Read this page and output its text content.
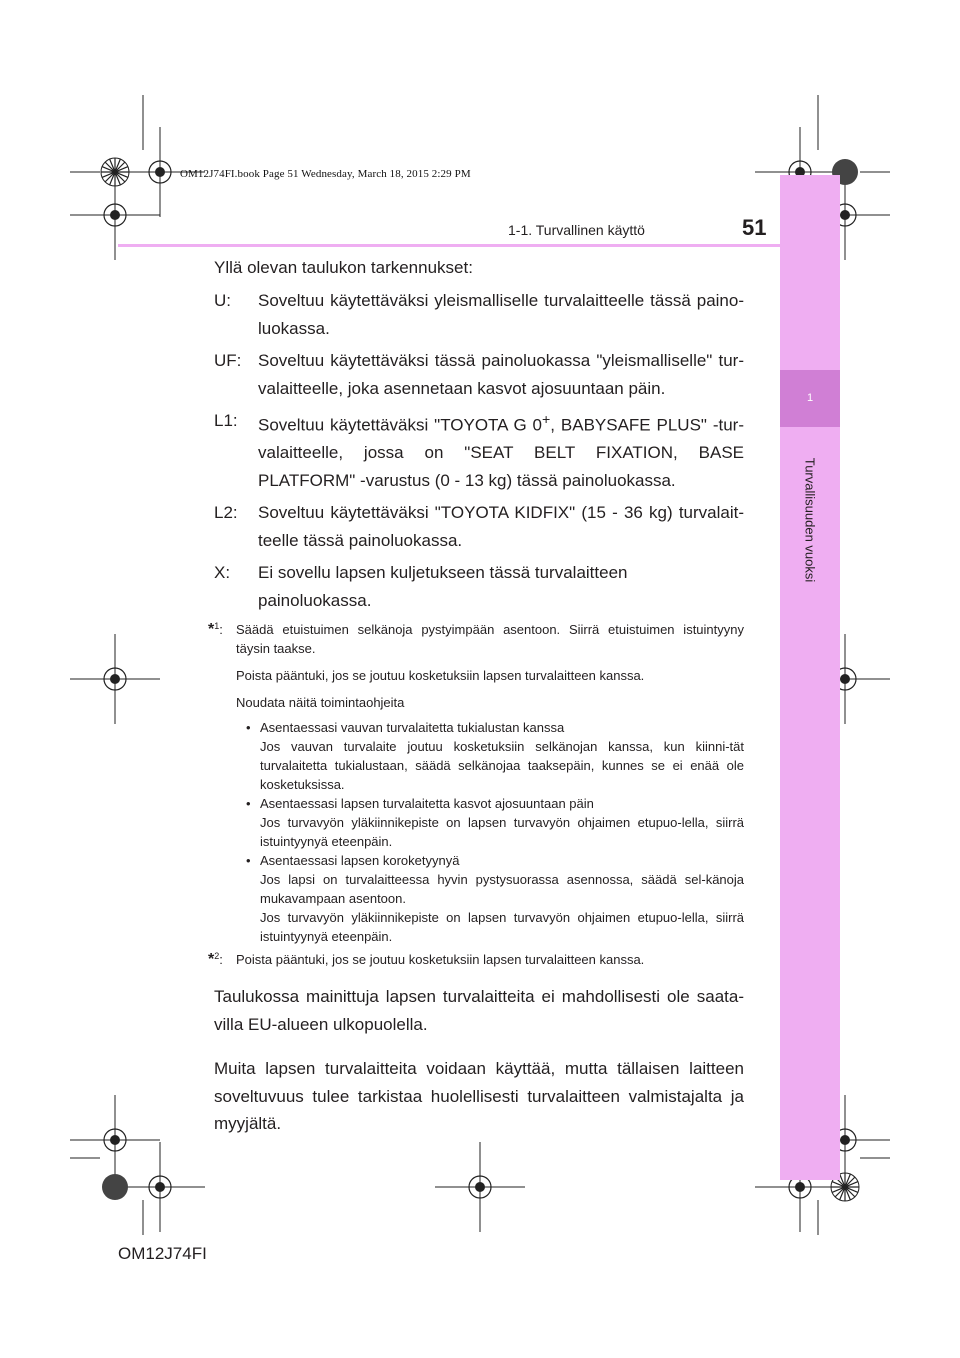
OM12J74FI.book Page 51 Wednesday, March 18, 2015 2:29 PM
1
Turvallisuuden vuoksi
1-1. Turvallinen käyttö	51

Yllä olevan taulukon tarkennukset:

U: Soveltuu käytettäväksi yleismalliselle turvalaitteelle tässä paino-luokassa.
UF: Soveltuu käytettäväksi tässä painoluokassa "yleismalliselle" tur-valaitteelle, joka asennetaan kasvot ajosuuntaan päin.
L1: Soveltuu käytettäväksi "TOYOTA G 0+, BABYSAFE PLUS" -tur-valaitteelle, jossa on "SEAT BELT FIXATION, BASE PLATFORM" -varustus (0 - 13 kg) tässä painoluokassa.
L2: Soveltuu käytettäväksi "TOYOTA KIDFIX" (15 - 36 kg) turvalait-teelle tässä painoluokassa.
X: Ei sovellu lapsen kuljetukseen tässä turvalaitteen painoluokassa.
*$^1$: Säädä etuistuimen selkänoja pystyimpään asentoon. Siirrä etuistuimen istuintyyny täysin taakse.
Poista pääntuki, jos se joutuu kosketuksiin lapsen turvalaitteen kanssa.
Noudata näitä toimintaohjeita
• Asentaessasi vauvan turvalaitetta tukialustan kanssa
Jos vauvan turvalaite joutuu kosketuksiin selkänojan kanssa, kun kiinni-tät turvalaitetta tukialustaan, säädä selkänojaa taaksepäin, kunnes se ei enää ole kosketuksissa.
• Asentaessasi lapsen turvalaitetta kasvot ajosuuntaan päin
Jos turvavyön yläkiinnikepiste on lapsen turvavyön ohjaimen etupuo-lella, siirrä istuintyynyä eteenpäin.
• Asentaessasi lapsen koroketyynyä
Jos lapsi on turvalaitteessa hyvin pystysuorassa asennossa, säädä sel-känoja mukavampaan asentoon.
Jos turvavyön yläkiinnikepiste on lapsen turvavyön ohjaimen etupuo-lella, siirrä istuintyynyä eteenpäin.
*$^2$: Poista pääntuki, jos se joutuu kosketuksiin lapsen turvalaitteen kanssa.

Taulukossa mainittuja lapsen turvalaitteita ei mahdollisesti ole saata-villa EU-alueen ulkopuolella.

Muita lapsen turvalaitteita voidaan käyttää, mutta tällaisen laitteen soveltuvuus tulee tarkistaa huolellisesti turvalaitteen valmistajalta ja myyjältä.

OM12J74FI
